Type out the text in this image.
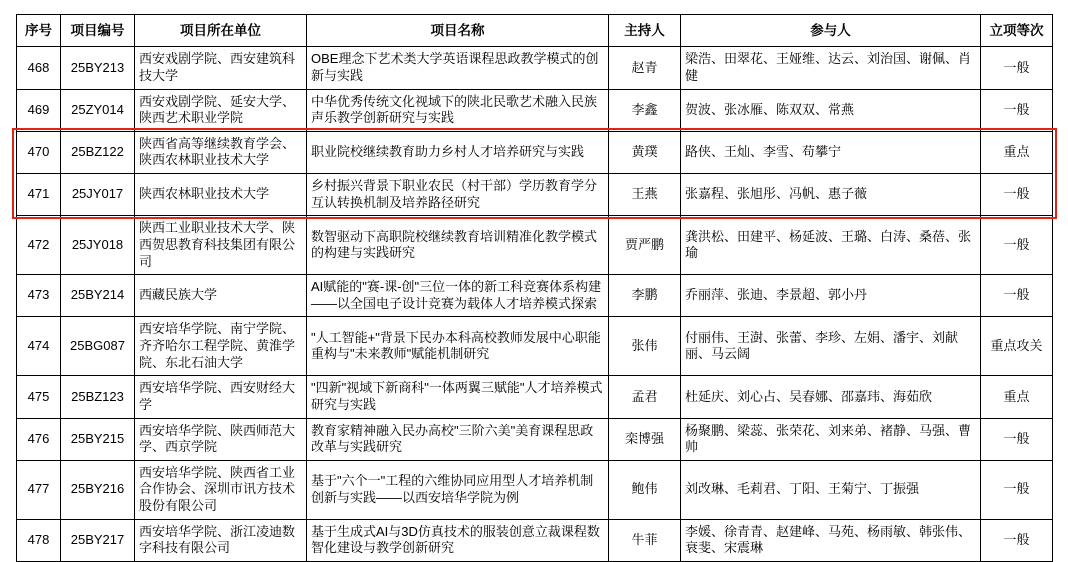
序号	项目编号	项目所在单位	项目名称	主持人	参与人	立项等次
468	25BY213	西安戏剧学院、西安建筑科技大学	OBE理念下艺术类大学英语课程思政教学模式的创新与实践	赵青	梁浩、田翠花、王娅维、达云、刘治国、谢佩、肖健	一般
469	25ZY014	西安戏剧学院、延安大学、陕西艺术职业学院	中华优秀传统文化视域下的陕北民歌艺术融入民族声乐教学创新研究与实践	李鑫	贺波、张冰雁、陈双双、常燕	一般
470	25BZ122	陕西省高等继续教育学会、陕西农林职业技术大学	职业院校继续教育助力乡村人才培养研究与实践	黄璞	路侠、王灿、李雪、苟攀宁	重点
471	25JY017	陕西农林职业技术大学	乡村振兴背景下职业农民（村干部）学历教育学分互认转换机制及培养路径研究	王燕	张嘉程、张旭彤、冯帆、惠子薇	一般
472	25JY018	陕西工业职业技术大学、陕西贺思教育科技集团有限公司	数智驱动下高职院校继续教育培训精准化教学模式的构建与实践研究	贾严鹏	龚洪松、田建平、杨延波、王璐、白涛、桑蓓、张瑜	一般
473	25BY214	西藏民族大学	AI赋能的"赛-课-创"三位一体的新工科竞赛体系构建——以全国电子设计竞赛为载体人才培养模式探索	李鹏	乔丽萍、张迪、李景超、郭小丹	一般
474	25BG087	西安培华学院、南宁学院、齐齐哈尔工程学院、黄淮学院、东北石油大学	"人工智能+"背景下民办本科高校教师发展中心职能重构与"未来教师"赋能机制研究	张伟	付丽伟、王澍、张蕾、李珍、左娟、潘宇、刘献丽、马云阔	重点攻关
475	25BZ123	西安培华学院、西安财经大学	"四新"视域下新商科"一体两翼三赋能"人才培养模式研究与实践	孟君	杜延庆、刘心占、吴春娜、邵嘉玮、海茹欣	重点
476	25BY215	西安培华学院、陕西师范大学、西京学院	教育家精神融入民办高校"三阶六美"美育课程思政改革与实践研究	栾博强	杨聚鹏、梁蕊、张荣花、刘来弟、褚静、马强、曹帅	一般
477	25BY216	西安培华学院、陕西省工业合作协会、深圳市讯方技术股份有限公司	基于"六个一"工程的六维协同应用型人才培养机制创新与实践——以西安培华学院为例	鲍伟	刘改琳、毛莉君、丁阳、王菊宁、丁振强	一般
478	25BY217	西安培华学院、浙江凌迪数字科技有限公司	基于生成式AI与3D仿真技术的服装创意立裁课程数智化建设与教学创新研究	牛菲	李媛、徐青青、赵建峰、马苑、杨雨敏、韩张伟、衰斐、宋震琳	一般
